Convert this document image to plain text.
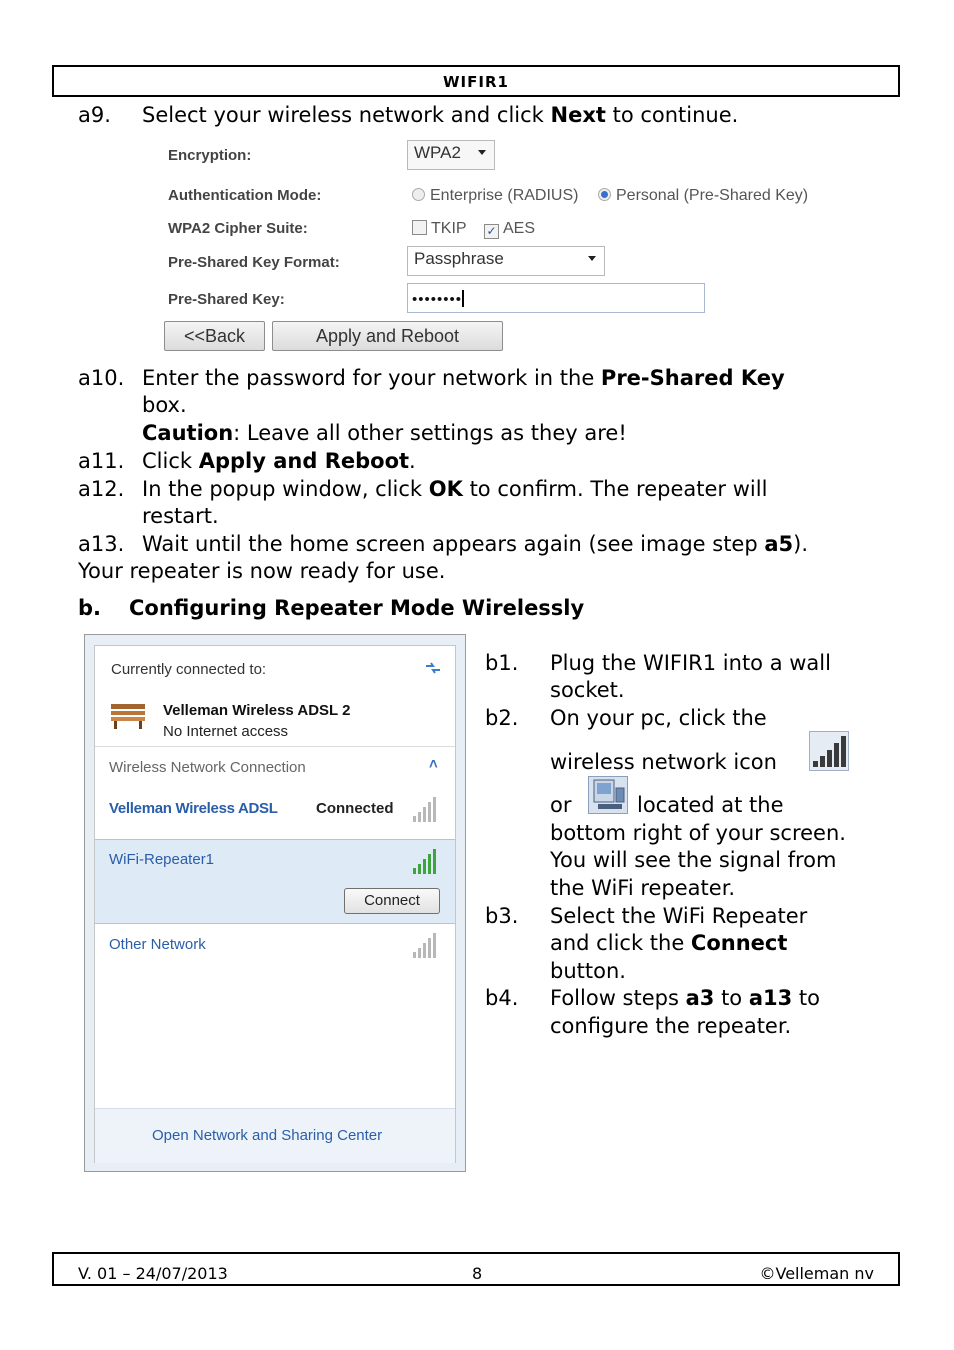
WIFIR1
a9. Select your wireless network and click Next to continue.
Encryption:	WPA2
Authentication Mode:	Enterprise (RADIUS)	Personal (Pre-Shared Key)
WPA2 Cipher Suite:	TKIP ✓ AES
Pre-Shared Key Format:	Passphrase
Pre-Shared Key:	••••••••
<<Back	Apply and Reboot
a10. Enter the password for your network in the Pre-Shared Key
box.
Caution: Leave all other settings as they are!
a11. Click Apply and Reboot.
a12. In the popup window, click OK to confirm. The repeater will
restart.
a13. Wait until the home screen appears again (see image step a5).
Your repeater is now ready for use.
b. Configuring Repeater Mode Wirelessly
Currently connected to:
Velleman Wireless ADSL 2
No Internet access
Wireless Network Connection	˄
Velleman Wireless ADSL	Connected
WiFi-Repeater1
Connect
Other Network
Open Network and Sharing Center
b1. Plug the WIFIR1 into a wall
socket.
b2. On your pc, click the
wireless network icon
or	located at the
bottom right of your screen.
You will see the signal from
the WiFi repeater.
b3. Select the WiFi Repeater
and click the Connect
button.
b4. Follow steps a3 to a13 to
configure the repeater.
V. 01 – 24/07/2013	8	©Velleman nv
